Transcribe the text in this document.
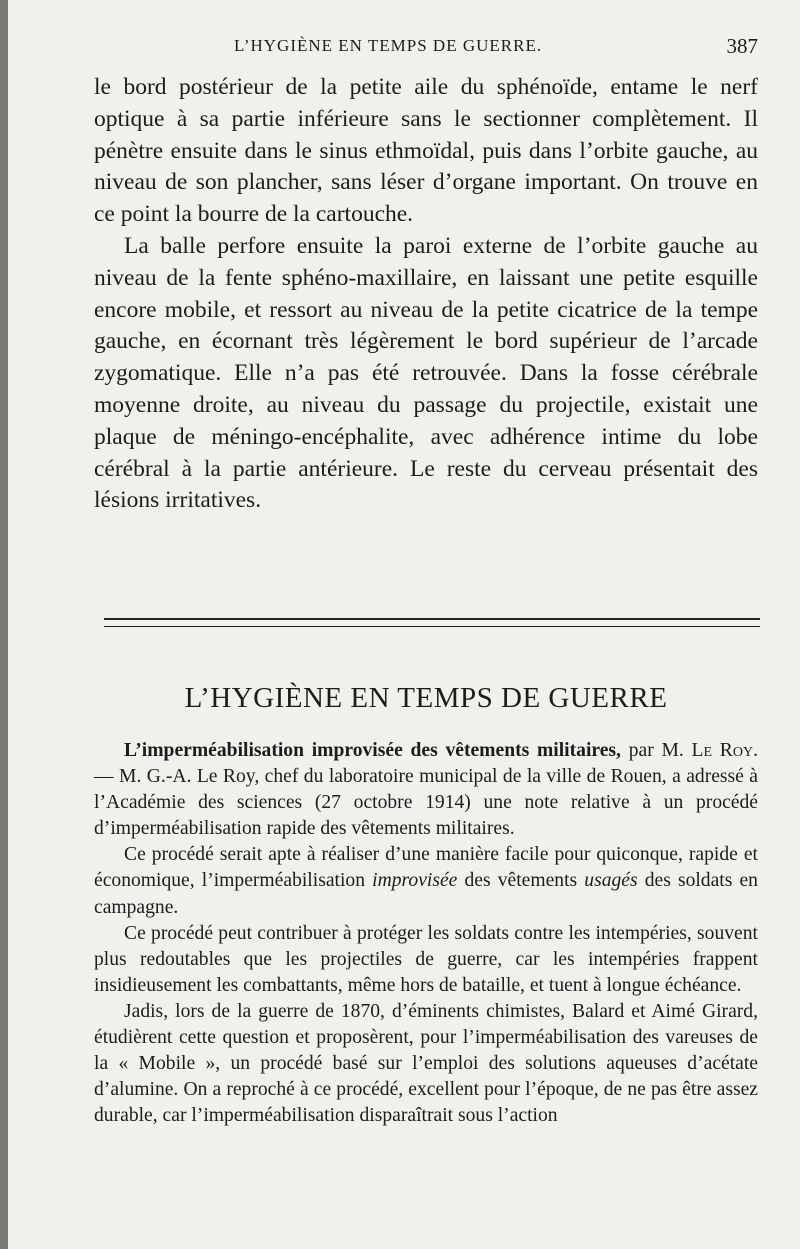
L’HYGIÈNE EN TEMPS DE GUERRE.	387

le bord postérieur de la petite aile du sphénoïde, entame le nerf optique à sa partie inférieure sans le sectionner complètement. Il pénètre ensuite dans le sinus ethmoïdal, puis dans l’orbite gauche, au niveau de son plancher, sans léser d’organe important. On trouve en ce point la bourre de la cartouche.

La balle perfore ensuite la paroi externe de l’orbite gauche au niveau de la fente sphéno-maxillaire, en laissant une petite esquille encore mobile, et ressort au niveau de la petite cicatrice de la tempe gauche, en écornant très légèrement le bord supérieur de l’arcade zygomatique. Elle n’a pas été retrouvée. Dans la fosse cérébrale moyenne droite, au niveau du passage du projectile, existait une plaque de méningo-encéphalite, avec adhérence intime du lobe cérébral à la partie antérieure. Le reste du cerveau présentait des lésions irritatives.

L’HYGIÈNE EN TEMPS DE GUERRE

L’imperméabilisation improvisée des vêtements militaires, par M. Le Roy. — M. G.-A. Le Roy, chef du laboratoire municipal de la ville de Rouen, a adressé à l’Académie des sciences (27 octobre 1914) une note relative à un procédé d’imperméabilisation rapide des vêtements militaires.

Ce procédé serait apte à réaliser d’une manière facile pour quiconque, rapide et économique, l’imperméabilisation improvisée des vêtements usagés des soldats en campagne.

Ce procédé peut contribuer à protéger les soldats contre les intempéries, souvent plus redoutables que les projectiles de guerre, car les intempéries frappent insidieusement les combattants, même hors de bataille, et tuent à longue échéance.

Jadis, lors de la guerre de 1870, d’éminents chimistes, Balard et Aimé Girard, étudièrent cette question et proposèrent, pour l’imperméabilisation des vareuses de la « Mobile », un procédé basé sur l’emploi des solutions aqueuses d’acétate d’alumine. On a reproché à ce procédé, excellent pour l’époque, de ne pas être assez durable, car l’imperméabilisation disparaîtrait sous l’action
